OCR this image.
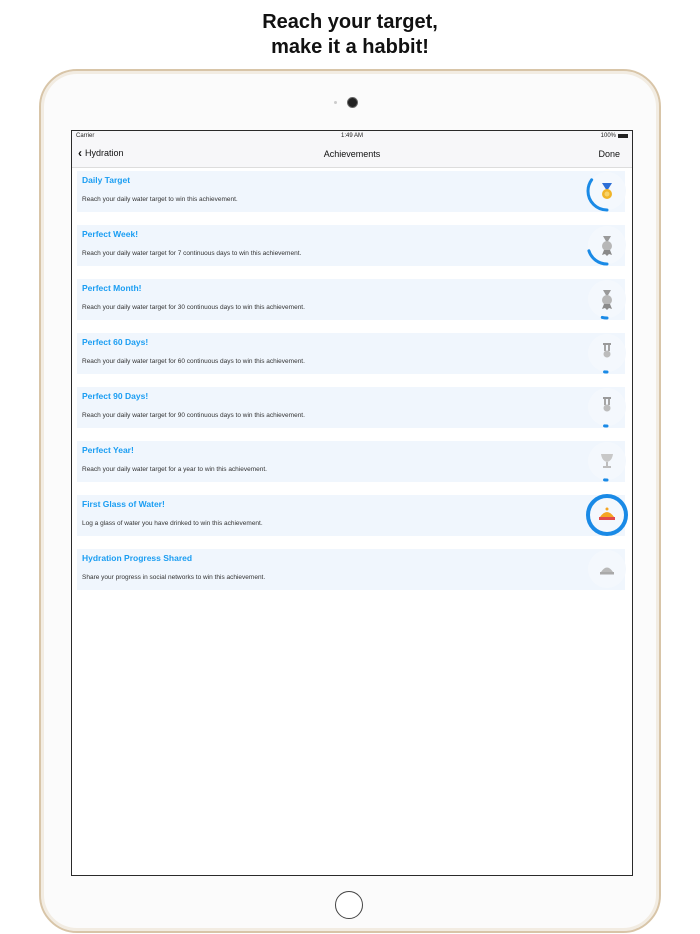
Reach your target,
make it a habbit!
Carrier	1:49 AM	100%
‹ Hydration	Achievements	Done
Daily Target
Reach your daily water target to win this achievement.
Perfect Week!
Reach your daily water target for 7 continuous days to win this achievement.
Perfect Month!
Reach your daily water target for 30 continuous days to win this achievement.
Perfect 60 Days!
Reach your daily water target for 60 continuous days to win this achievement.
Perfect 90 Days!
Reach your daily water target for 90 continuous days to win this achievement.
Perfect Year!
Reach your daily water target for a year to win this achievement.
First Glass of Water!
Log a glass of water you have drinked to win this achievement.
Hydration Progress Shared
Share your progress in social networks to win this achievement.
